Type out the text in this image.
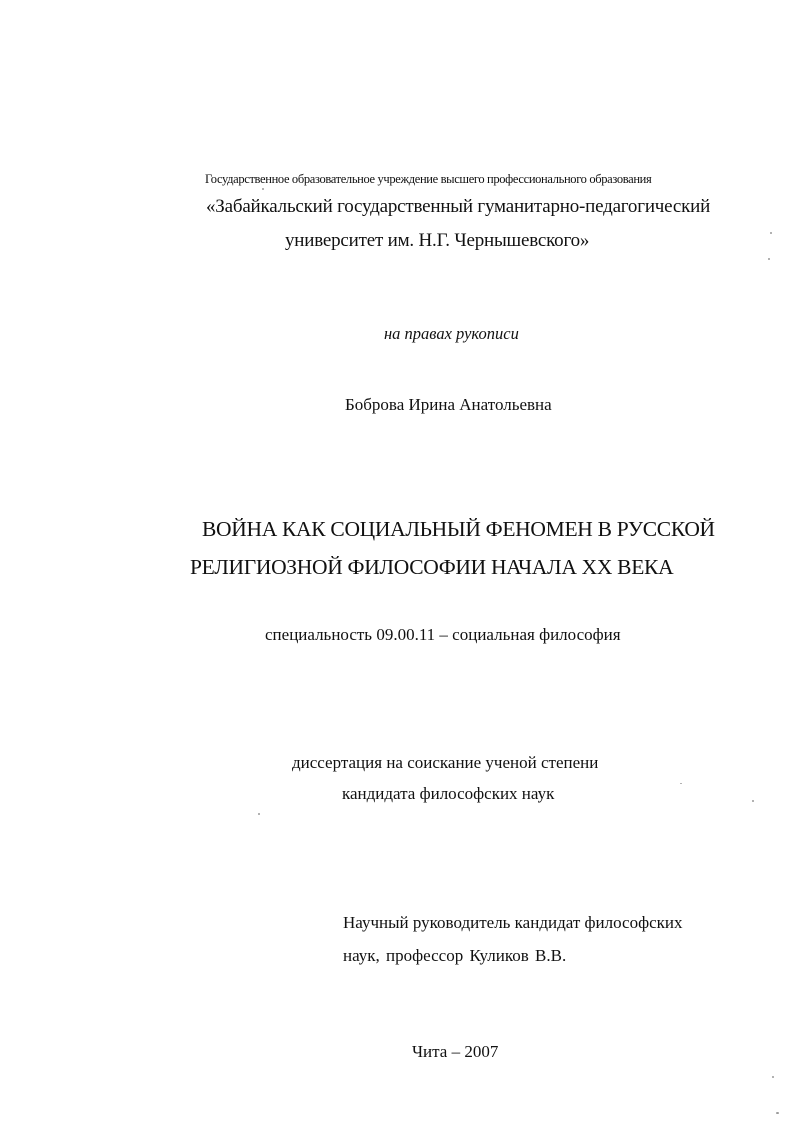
Государственное образовательное учреждение высшего профессионального образования
«Забайкальский государственный гуманитарно-педагогический
университет им. Н.Г. Чернышевского»
на правах рукописи
Боброва Ирина Анатольевна
ВОЙНА КАК СОЦИАЛЬНЫЙ ФЕНОМЕН В РУССКОЙ
РЕЛИГИОЗНОЙ ФИЛОСОФИИ НАЧАЛА XX ВЕКА
специальность 09.00.11 – социальная философия
диссертация на соискание ученой степени
кандидата философских наук
Научный руководитель кандидат философских
наук, профессор Куликов В.В.
Чита – 2007
